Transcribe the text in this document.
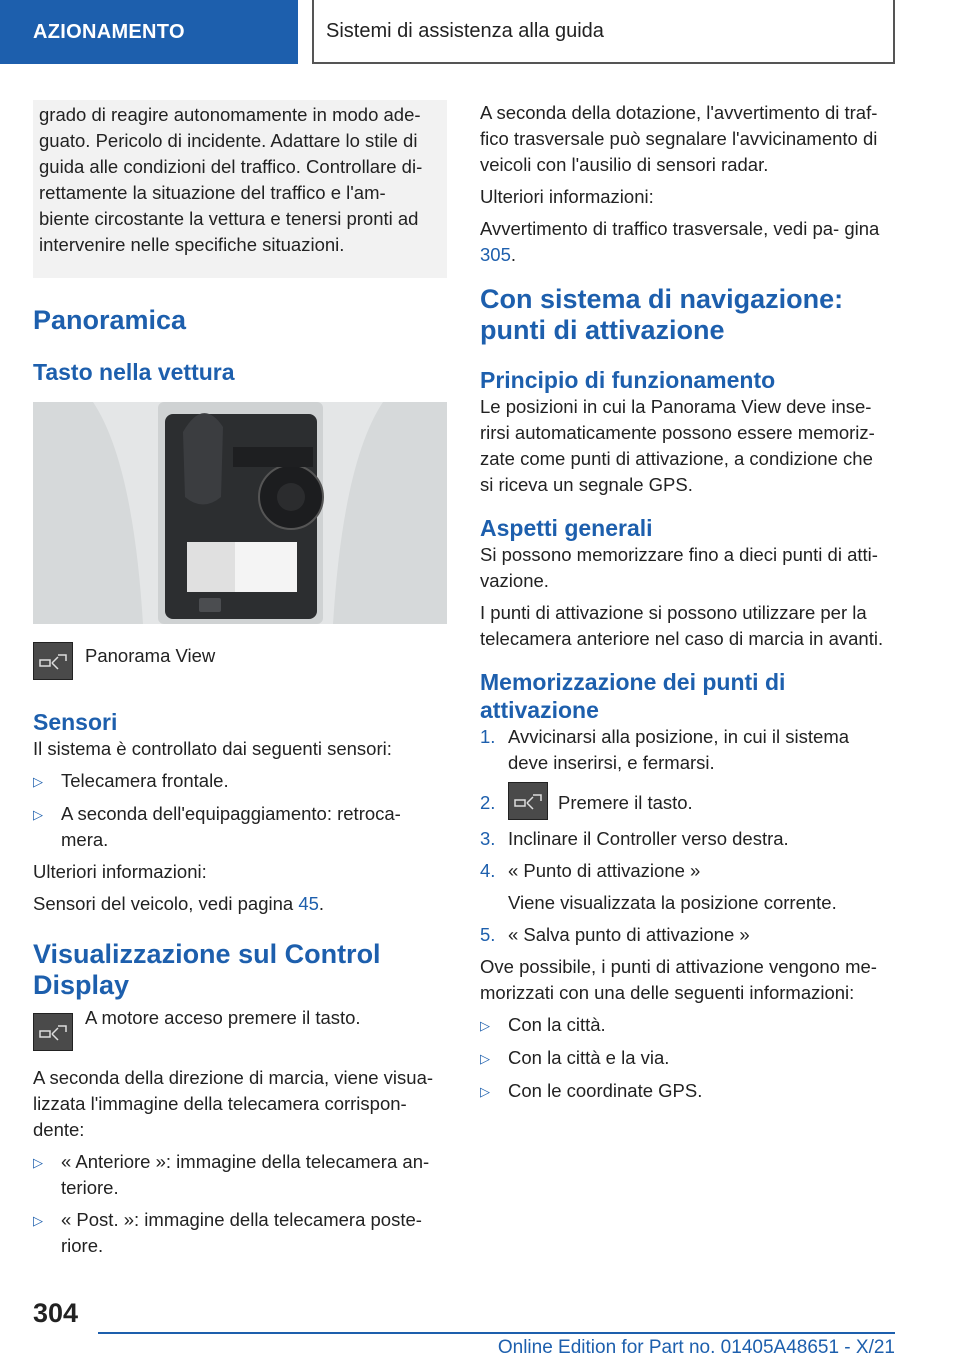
AZIONAMENTO	Sistemi di assistenza alla guida
grado di reagire autonomamente in modo ade‐ guato. Pericolo di incidente. Adattare lo stile di guida alle condizioni del traffico. Controllare di‐ rettamente la situazione del traffico e l'am‐ biente circostante la vettura e tenersi pronti ad intervenire nelle specifiche situazioni.
Panoramica
Tasto nella vettura
Panorama View
Sensori
Il sistema è controllato dai seguenti sensori:
▷ Telecamera frontale.
▷ A seconda dell'equipaggiamento: retroca‐ mera.
Ulteriori informazioni:
Sensori del veicolo, vedi pagina 45.
Visualizzazione sul Control Display
A motore acceso premere il tasto.
A seconda della direzione di marcia, viene visua‐ lizzata l'immagine della telecamera corrispon‐ dente:
▷ « Anteriore »: immagine della telecamera an‐ teriore.
▷ « Post. »: immagine della telecamera poste‐ riore.
A seconda della dotazione, l'avvertimento di traf‐ fico trasversale può segnalare l'avvicinamento di veicoli con l'ausilio di sensori radar.
Ulteriori informazioni:
Avvertimento di traffico trasversale, vedi pa‐ gina 305.
Con sistema di navigazione: punti di attivazione
Principio di funzionamento
Le posizioni in cui la Panorama View deve inse‐ rirsi automaticamente possono essere memoriz‐ zate come punti di attivazione, a condizione che si riceva un segnale GPS.
Aspetti generali
Si possono memorizzare fino a dieci punti di atti‐ vazione.
I punti di attivazione si possono utilizzare per la telecamera anteriore nel caso di marcia in avanti.
Memorizzazione dei punti di attivazione
1. Avvicinarsi alla posizione, in cui il sistema deve inserirsi, e fermarsi.
2.	Premere il tasto.
3. Inclinare il Controller verso destra.
4. « Punto di attivazione »
Viene visualizzata la posizione corrente.
5. « Salva punto di attivazione »
Ove possibile, i punti di attivazione vengono me‐ morizzati con una delle seguenti informazioni:
▷ Con la città.
▷ Con la città e la via.
▷ Con le coordinate GPS.
304
Online Edition for Part no. 01405A48651 - X/21
